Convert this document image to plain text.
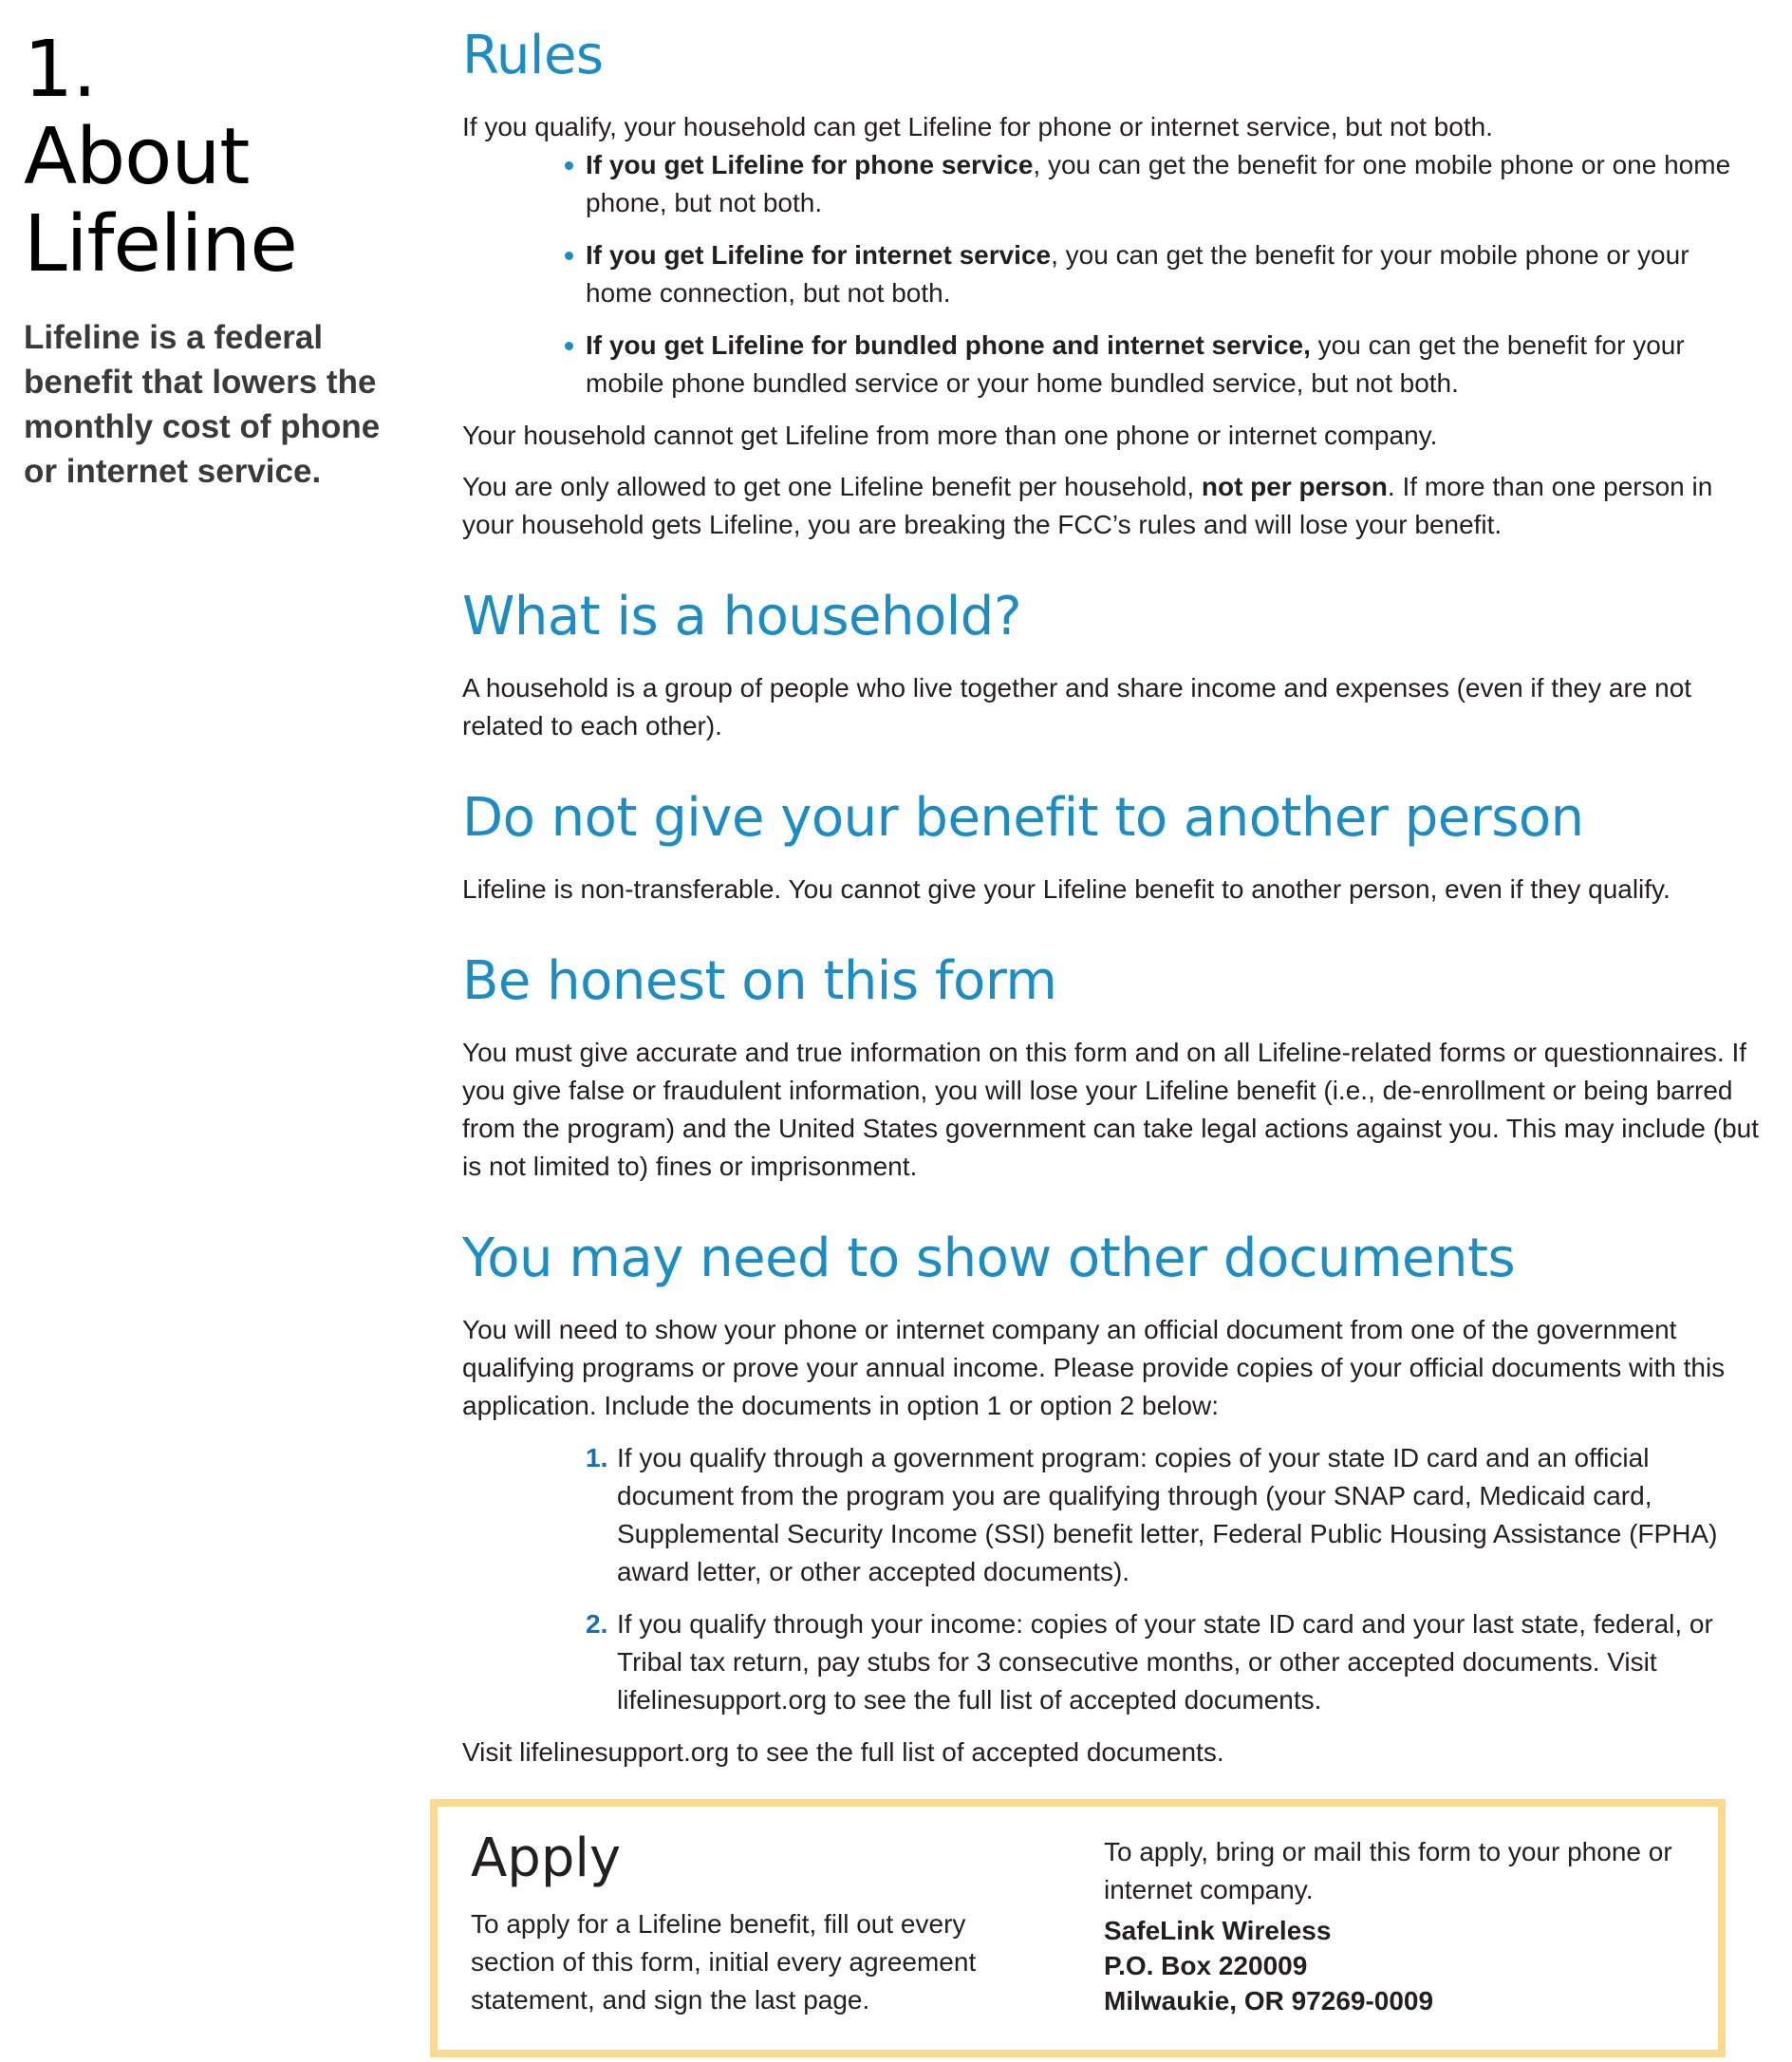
1.
About
Lifeline

Lifeline is a federal benefit that lowers the monthly cost of phone or internet service.

Rules

If you qualify, your household can get Lifeline for phone or internet service, but not both.

If you get Lifeline for phone service, you can get the benefit for one mobile phone or one home phone, but not both.
If you get Lifeline for internet service, you can get the benefit for your mobile phone or your home connection, but not both.
If you get Lifeline for bundled phone and internet service, you can get the benefit for your mobile phone bundled service or your home bundled service, but not both.

Your household cannot get Lifeline from more than one phone or internet company.

You are only allowed to get one Lifeline benefit per household, not per person. If more than one person in your household gets Lifeline, you are breaking the FCC’s rules and will lose your benefit.

What is a household?

A household is a group of people who live together and share income and expenses (even if they are not related to each other).

Do not give your benefit to another person

Lifeline is non-transferable. You cannot give your Lifeline benefit to another person, even if they qualify.

Be honest on this form

You must give accurate and true information on this form and on all Lifeline-related forms or questionnaires. If you give false or fraudulent information, you will lose your Lifeline benefit (i.e., de-enrollment or being barred from the program) and the United States government can take legal actions against you. This may include (but is not limited to) fines or imprisonment.

You may need to show other documents

You will need to show your phone or internet company an official document from one of the government qualifying programs or prove your annual income. Please provide copies of your official documents with this application. Include the documents in option 1 or option 2 below:

1. If you qualify through a government program: copies of your state ID card and an official document from the program you are qualifying through (your SNAP card, Medicaid card, Supplemental Security Income (SSI) benefit letter, Federal Public Housing Assistance (FPHA) award letter, or other accepted documents).
2. If you qualify through your income: copies of your state ID card and your last state, federal, or Tribal tax return, pay stubs for 3 consecutive months, or other accepted documents. Visit lifelinesupport.org to see the full list of accepted documents.

Visit lifelinesupport.org to see the full list of accepted documents.

Apply

To apply for a Lifeline benefit, fill out every section of this form, initial every agreement statement, and sign the last page.

To apply, bring or mail this form to your phone or internet company.

SafeLink Wireless
P.O. Box 220009
Milwaukie, OR 97269-0009
